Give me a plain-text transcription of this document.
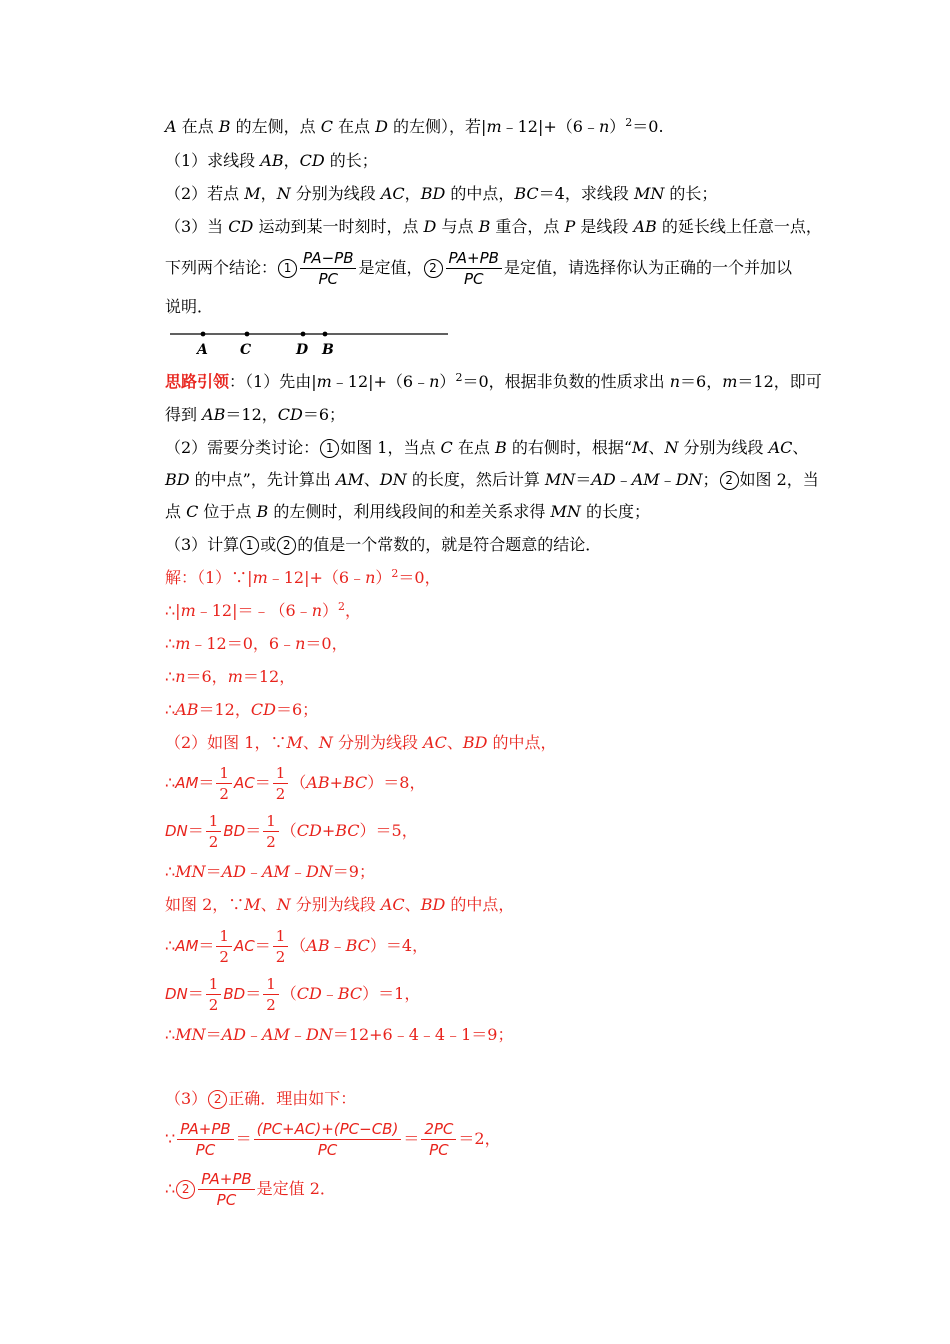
A 在点 B 的左侧，点 C 在点 D 的左侧），若|m﹣12|+（6﹣n）$^2$＝0.
（1）求线段 AB，CD 的长；
（2）若点 M，N 分别为线段 AC，BD 的中点，BC＝4，求线段 MN 的长；
（3）当 CD 运动到某一时刻时，点 D 与点 B 重合，点 P 是线段 AB 的延长线上任意一点，
下列两个结论： $1 \frac{PA-PB}{PC}$ 是定值， $2 \frac{PA+PB}{PC}$ 是定值，请选择你认为正确的一个并加以
说明．
A C	D B
思路引领：（1）先由|m﹣12|+（6﹣n）$^2$＝0，根据非负数的性质求出 n＝6，m＝12，即可
得到 AB＝12，CD＝6；
（2）需要分类讨论： 1 如图 1，当点 C 在点 B 的右侧时，根据“M、N 分别为线段 AC、
BD 的中点”，先计算出 AM、DN 的长度，然后计算 MN＝AD﹣AM﹣DN； 2 如图 2，当
点 C 位于点 B 的左侧时，利用线段间的和差关系求得 MN 的长度；
（3）计算 1 或 2 的值是一个常数的，就是符合题意的结论．
解：（1）∵|m﹣12|+（6﹣n）$^2$＝0，
∴|m﹣12|＝﹣（6﹣n）$^2$，
∴m﹣12＝0，6﹣n＝0，
∴n＝6，m＝12，
∴AB＝12，CD＝6；
（2）如图 1，∵M、N 分别为线段 AC、BD 的中点，
∴AM＝ $\frac{1}{2} AC= \frac{1}{2} (AB+BC)=8$，
$DN= \frac{1}{2} BD= \frac{1}{2} (CD+BC)=5$，
∴MN＝AD﹣AM﹣DN＝9；
如图 2，∵M、N 分别为线段 AC、BD 的中点，
∴AM＝ $\frac{1}{2} AC= \frac{1}{2}$ （AB﹣BC）＝4，
$DN= \frac{1}{2} BD= \frac{1}{2}$ （CD﹣BC）＝1，
∴MN＝AD﹣AM﹣DN＝12+6﹣4﹣4﹣1＝9；
（3） 2 正确．理由如下：
∵ $\frac{PA+PB}{PC} = \frac{(PC+AC)+(PC-CB)}{PC} = \frac{2PC}{PC} =2$，
∴ $2 \frac{PA+PB}{PC}$ 是定值 2．
